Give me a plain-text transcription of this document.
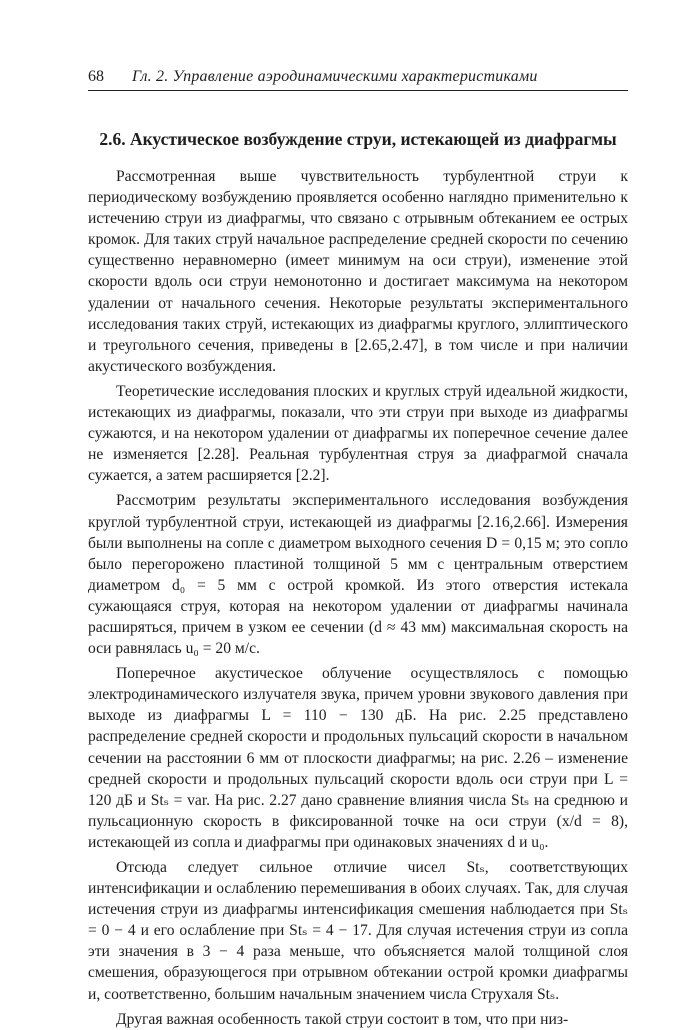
68 Гл. 2. Управление аэродинамическими характеристиками
2.6. Акустическое возбуждение струи, истекающей из диафрагмы

Рассмотренная выше чувствительность турбулентной струи к периодическому возбуждению проявляется особенно наглядно применительно к истечению струи из диафрагмы, что связано с отрывным обтеканием ее острых кромок. Для таких струй начальное распределение средней скорости по сечению существенно неравномерно (имеет минимум на оси струи), изменение этой скорости вдоль оси струи немонотонно и достигает максимума на некотором удалении от начального сечения. Некоторые результаты экспериментального исследования таких струй, истекающих из диафрагмы круглого, эллиптического и треугольного сечения, приведены в [2.65,2.47], в том числе и при наличии акустического возбуждения.

Теоретические исследования плоских и круглых струй идеальной жидкости, истекающих из диафрагмы, показали, что эти струи при выходе из диафрагмы сужаются, и на некотором удалении от диафрагмы их поперечное сечение далее не изменяется [2.28]. Реальная турбулентная струя за диафрагмой сначала сужается, а затем расширяется [2.2].

Рассмотрим результаты экспериментального исследования возбуждения круглой турбулентной струи, истекающей из диафрагмы [2.16,2.66]. Измерения были выполнены на сопле с диаметром выходного сечения D = 0,15 м; это сопло было перегорожено пластиной толщиной 5 мм с центральным отверстием диаметром d₀ = 5 мм с острой кромкой. Из этого отверстия истекала сужающаяся струя, которая на некотором удалении от диафрагмы начинала расширяться, причем в узком ее сечении (d ≈ 43 мм) максимальная скорость на оси равнялась u₀ = 20 м/с.

Поперечное акустическое облучение осуществлялось с помощью электродинамического излучателя звука, причем уровни звукового давления при выходе из диафрагмы L = 110 − 130 дБ. На рис. 2.25 представлено распределение средней скорости и продольных пульсаций скорости в начальном сечении на расстоянии 6 мм от плоскости диафрагмы; на рис. 2.26 – изменение средней скорости и продольных пульсаций скорости вдоль оси струи при L = 120 дБ и Stₛ = var. На рис. 2.27 дано сравнение влияния числа Stₛ на среднюю и пульсационную скорость в фиксированной точке на оси струи (x/d = 8), истекающей из сопла и диафрагмы при одинаковых значениях d и u₀.

Отсюда следует сильное отличие чисел Stₛ, соответствующих интенсификации и ослаблению перемешивания в обоих случаях. Так, для случая истечения струи из диафрагмы интенсификация смешения наблюдается при Stₛ = 0 − 4 и его ослабление при Stₛ = 4 − 17. Для случая истечения струи из сопла эти значения в 3 − 4 раза меньше, что объясняется малой толщиной слоя смешения, образующегося при отрывном обтекании острой кромки диафрагмы и, соответственно, большим начальным значением числа Струхаля Stₛ.

Другая важная особенность такой струи состоит в том, что при низ-
